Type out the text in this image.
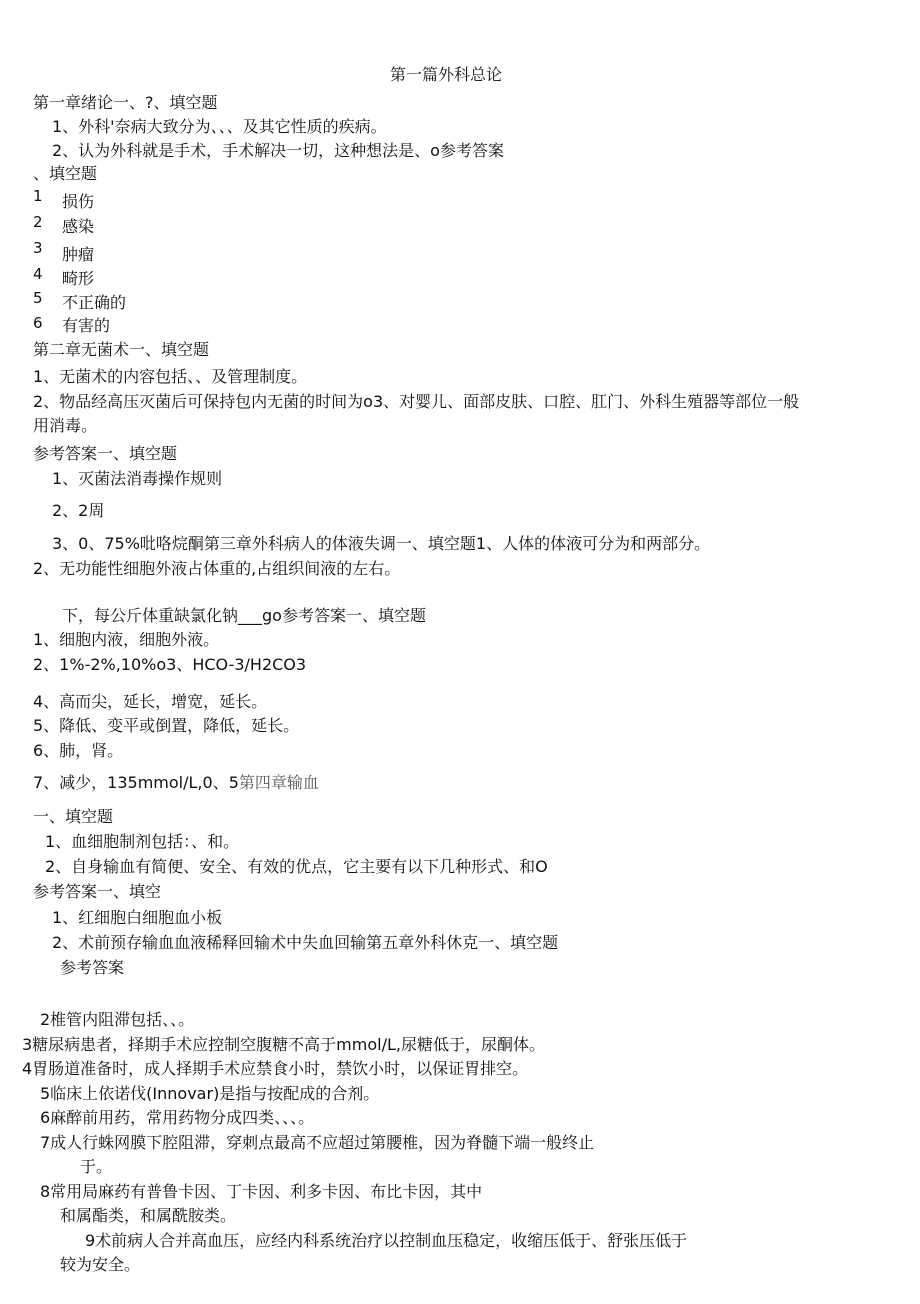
第一篇外科总论
第一章绪论一、?、填空题
1、外科'奈病大致分为、、、及其它性质的疾病。
2、认为外科就是手术，手术解决一切，这种想法是、o参考答案
、填空题
1 损伤
2 感染
3 肿瘤
4 畸形
5 不正确的
6 有害的
第二章无菌术一、填空题
1、无菌术的内容包括、、及管理制度。
2、物品经高压灭菌后可保持包内无菌的时间为o3、对婴儿、面部皮肤、口腔、肛门、外科生殖器等部位一般
用消毒。
参考答案一、填空题
1、灭菌法消毒操作规则
2、2周
3、0、75%吡咯烷酮第三章外科病人的体液失调一、填空题1、人体的体液可分为和两部分。
2、无功能性细胞外液占体重的,占组织间液的左右。
下，每公斤体重缺氯化钠___go参考答案一、填空题
1、细胞内液，细胞外液。
2、1%-2%,10%o3、HCO-3/H2CO3
4、高而尖，延长，增宽，延长。
5、降低、变平或倒置，降低，延长。
6、肺，肾。
7、减少，135mmol/L,0、5第四章输血
一、填空题
1、血细胞制剂包括：、和。
2、自身输血有简便、安全、有效的优点，它主要有以下几种形式、和O
参考答案一、填空
1、红细胞白细胞血小板
2、术前预存输血血液稀释回输术中失血回输第五章外科休克一、填空题
参考答案
2椎管内阻滞包括、、。
3糖尿病患者，择期手术应控制空腹糖不高于mmol/L,尿糖低于，尿酮体。
4胃肠道准备时，成人择期手术应禁食小时，禁饮小时，以保证胃排空。
5临床上依诺伐(Innovar)是指与按配成的合剂。
6麻醉前用药，常用药物分成四类、、、。
7成人行蛛网膜下腔阻滞，穿刺点最高不应超过第腰椎，因为脊髓下端一般终止
于。
8常用局麻药有普鲁卡因、丁卡因、利多卡因、布比卡因，其中
和属酯类，和属酰胺类。
9术前病人合并高血压，应经内科系统治疗以控制血压稳定，收缩压低于、舒张压低于
较为安全。
